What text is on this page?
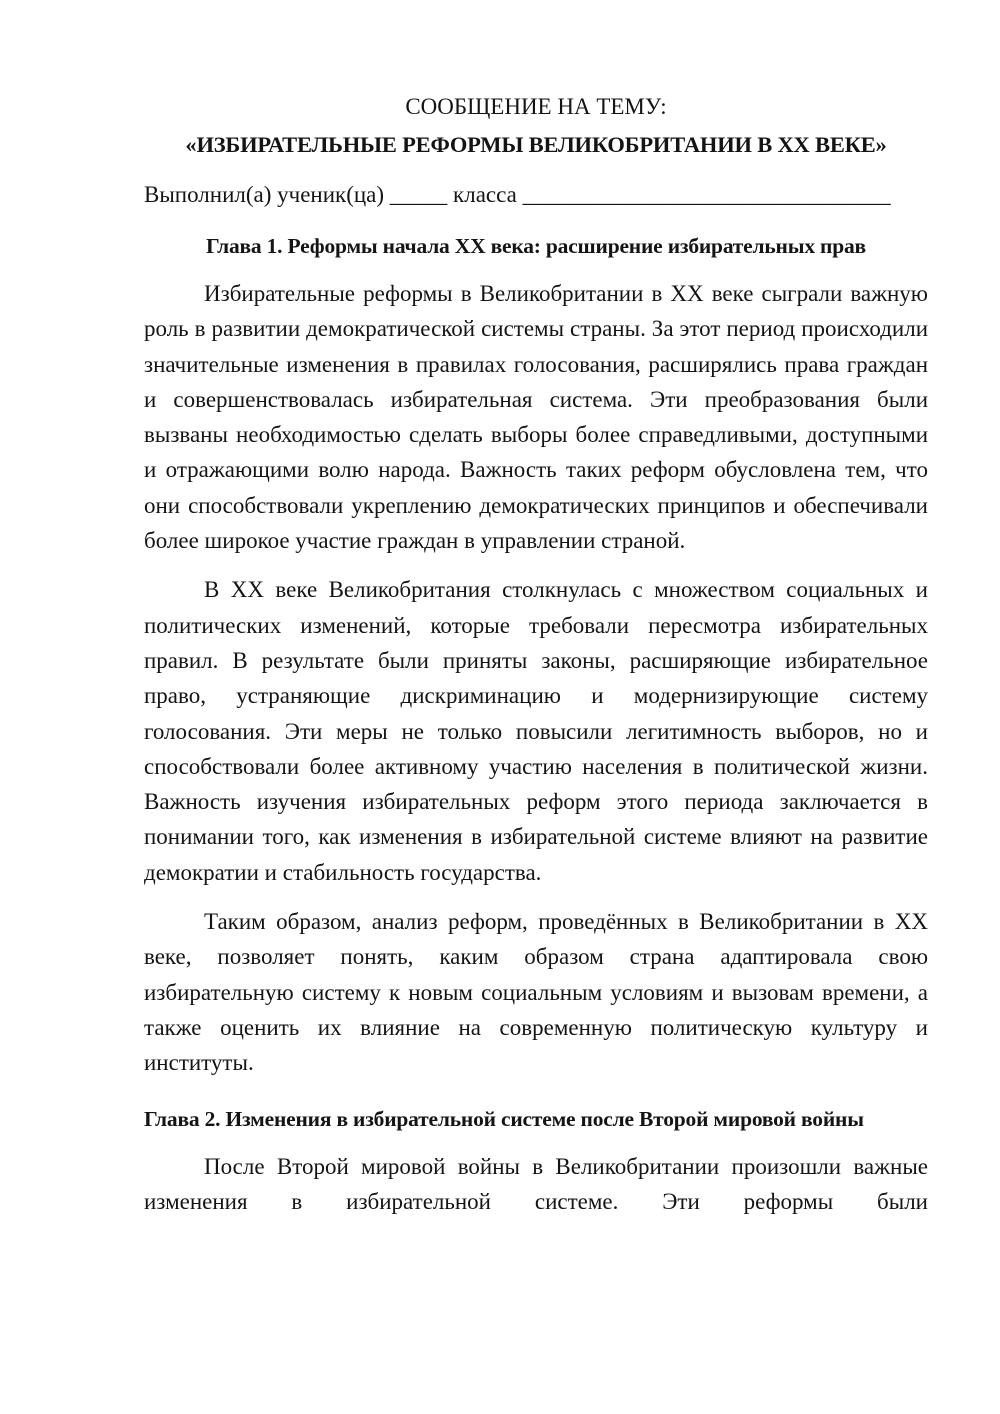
СООБЩЕНИЕ НА ТЕМУ:

«ИЗБИРАТЕЛЬНЫЕ РЕФОРМЫ ВЕЛИКОБРИТАНИИ В XX ВЕКЕ»

Выполнил(а) ученик(ца) _____ класса ________________________________

Глава 1. Реформы начала XX века: расширение избирательных прав

Избирательные реформы в Великобритании в XX веке сыграли важную роль в развитии демократической системы страны. За этот период происходили значительные изменения в правилах голосования, расширялись права граждан и совершенствовалась избирательная система. Эти преобразования были вызваны необходимостью сделать выборы более справедливыми, доступными и отражающими волю народа. Важность таких реформ обусловлена тем, что они способствовали укреплению демократических принципов и обеспечивали более широкое участие граждан в управлении страной.

В XX веке Великобритания столкнулась с множеством социальных и политических изменений, которые требовали пересмотра избирательных правил. В результате были приняты законы, расширяющие избирательное право, устраняющие дискриминацию и модернизирующие систему голосования. Эти меры не только повысили легитимность выборов, но и способствовали более активному участию населения в политической жизни. Важность изучения избирательных реформ этого периода заключается в понимании того, как изменения в избирательной системе влияют на развитие демократии и стабильность государства.

Таким образом, анализ реформ, проведённых в Великобритании в XX веке, позволяет понять, каким образом страна адаптировала свою избирательную систему к новым социальным условиям и вызовам времени, а также оценить их влияние на современную политическую культуру и институты.

Глава 2. Изменения в избирательной системе после Второй мировой войны

После Второй мировой войны в Великобритании произошли важные изменения в избирательной системе. Эти реформы были
